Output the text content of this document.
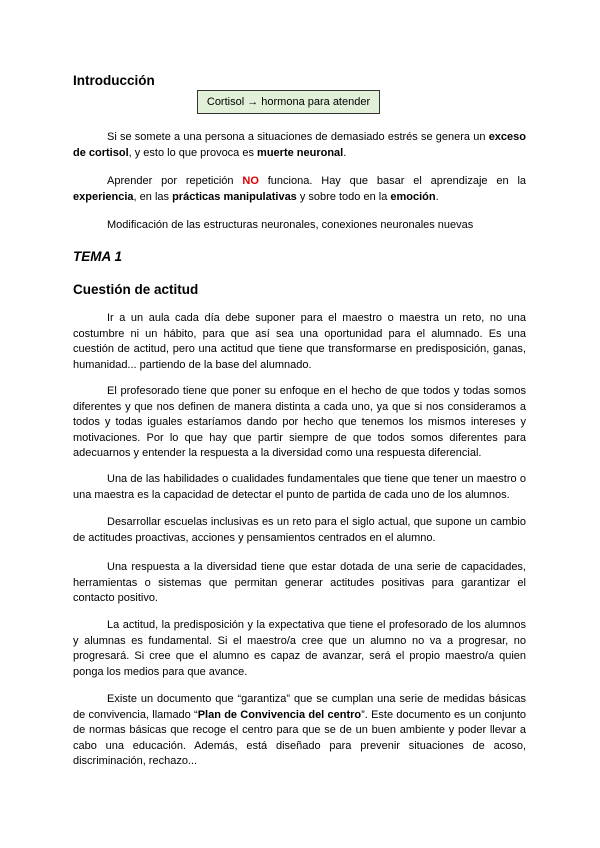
Introducción
Cortisol → hormona para atender

Si se somete a una persona a situaciones de demasiado estrés se genera un exceso de cortisol, y esto lo que provoca es muerte neuronal.

Aprender por repetición NO funciona. Hay que basar el aprendizaje en la experiencia, en las prácticas manipulativas y sobre todo en la emoción.

Modificación de las estructuras neuronales, conexiones neuronales nuevas

TEMA 1
Cuestión de actitud

Ir a un aula cada día debe suponer para el maestro o maestra un reto, no una costumbre ni un hábito, para que así sea una oportunidad para el alumnado. Es una cuestión de actitud, pero una actitud que tiene que transformarse en predisposición, ganas, humanidad... partiendo de la base del alumnado.

El profesorado tiene que poner su enfoque en el hecho de que todos y todas somos diferentes y que nos definen de manera distinta a cada uno, ya que si nos consideramos a todos y todas iguales estaríamos dando por hecho que tenemos los mismos intereses y motivaciones. Por lo que hay que partir siempre de que todos somos diferentes para adecuarnos y entender la respuesta a la diversidad como una respuesta diferencial.

Una de las habilidades o cualidades fundamentales que tiene que tener un maestro o una maestra es la capacidad de detectar el punto de partida de cada uno de los alumnos.

Desarrollar escuelas inclusivas es un reto para el siglo actual, que supone un cambio de actitudes proactivas, acciones y pensamientos centrados en el alumno.

Una respuesta a la diversidad tiene que estar dotada de una serie de capacidades, herramientas o sistemas que permitan generar actitudes positivas para garantizar el contacto positivo.

La actitud, la predisposición y la expectativa que tiene el profesorado de los alumnos y alumnas es fundamental. Si el maestro/a cree que un alumno no va a progresar, no progresará. Si cree que el alumno es capaz de avanzar, será el propio maestro/a quien ponga los medios para que avance.

Existe un documento que “garantiza” que se cumplan una serie de medidas básicas de convivencia, llamado “Plan de Convivencia del centro”. Este documento es un conjunto de normas básicas que recoge el centro para que se de un buen ambiente y poder llevar a cabo una educación. Además, está diseñado para prevenir situaciones de acoso, discriminación, rechazo...
